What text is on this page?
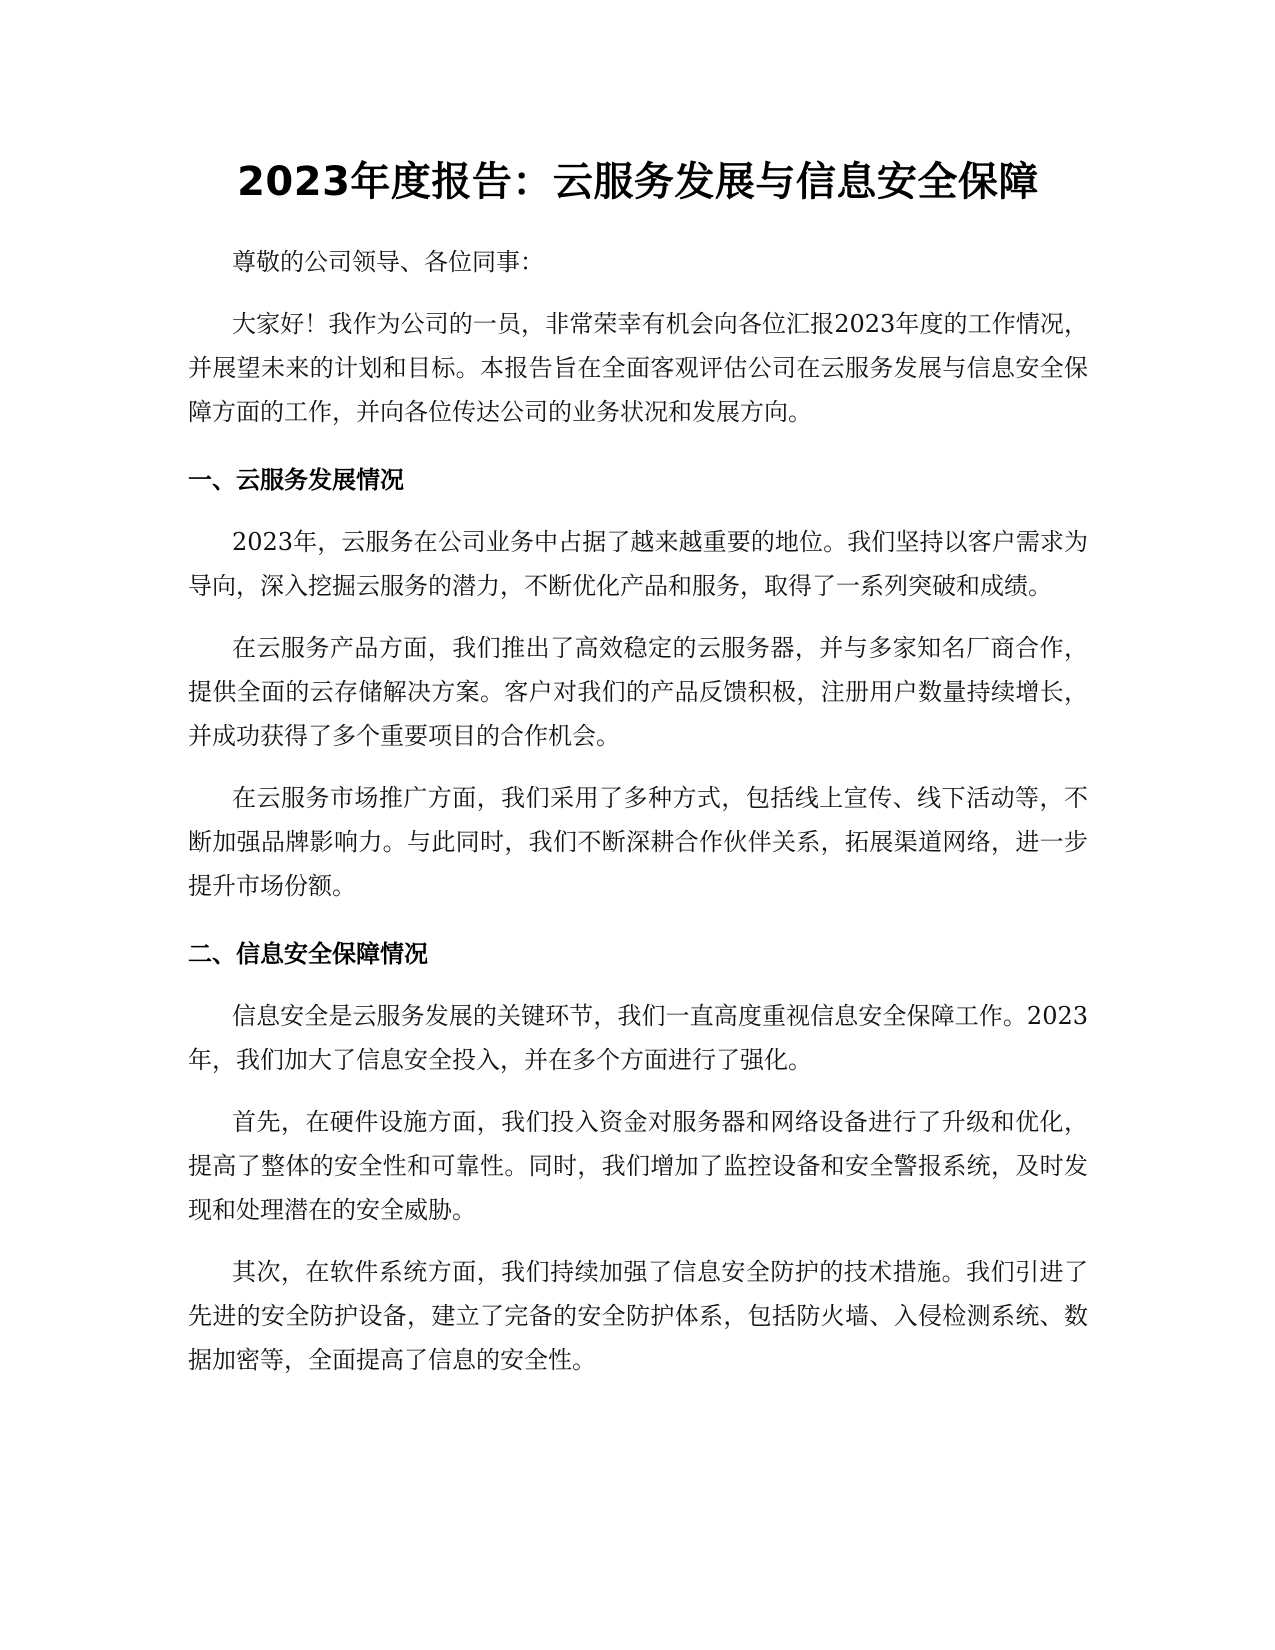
2023年度报告：云服务发展与信息安全保障

尊敬的公司领导、各位同事：

大家好！我作为公司的一员，非常荣幸有机会向各位汇报2023年度的工作情况，并展望未来的计划和目标。本报告旨在全面客观评估公司在云服务发展与信息安全保障方面的工作，并向各位传达公司的业务状况和发展方向。

一、云服务发展情况

2023年，云服务在公司业务中占据了越来越重要的地位。我们坚持以客户需求为导向，深入挖掘云服务的潜力，不断优化产品和服务，取得了一系列突破和成绩。

在云服务产品方面，我们推出了高效稳定的云服务器，并与多家知名厂商合作，提供全面的云存储解决方案。客户对我们的产品反馈积极，注册用户数量持续增长，并成功获得了多个重要项目的合作机会。

在云服务市场推广方面，我们采用了多种方式，包括线上宣传、线下活动等，不断加强品牌影响力。与此同时，我们不断深耕合作伙伴关系，拓展渠道网络，进一步提升市场份额。

二、信息安全保障情况

信息安全是云服务发展的关键环节，我们一直高度重视信息安全保障工作。2023年，我们加大了信息安全投入，并在多个方面进行了强化。

首先，在硬件设施方面，我们投入资金对服务器和网络设备进行了升级和优化，提高了整体的安全性和可靠性。同时，我们增加了监控设备和安全警报系统，及时发现和处理潜在的安全威胁。

其次，在软件系统方面，我们持续加强了信息安全防护的技术措施。我们引进了先进的安全防护设备，建立了完备的安全防护体系，包括防火墙、入侵检测系统、数据加密等，全面提高了信息的安全性。
